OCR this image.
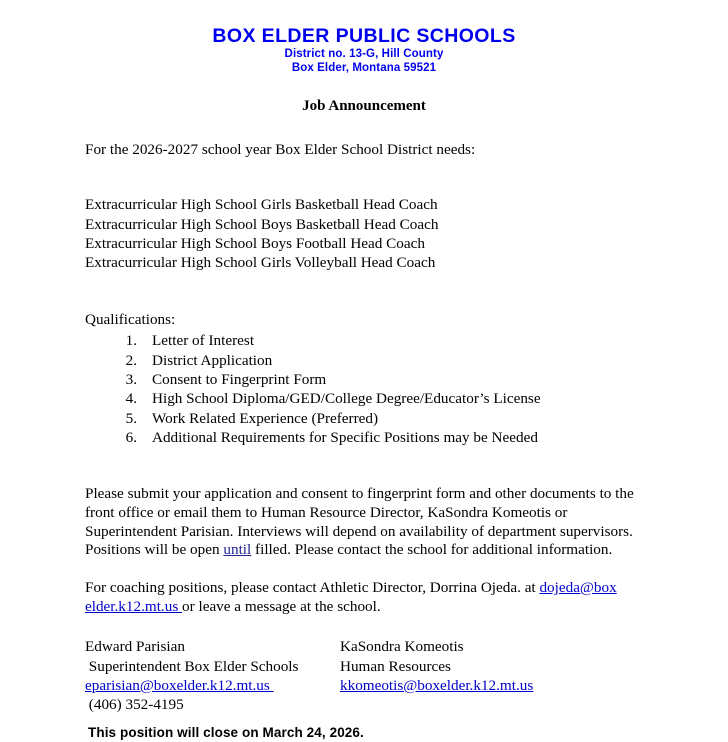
BOX ELDER PUBLIC SCHOOLS
District no. 13-G, Hill County
Box Elder, Montana 59521
Job Announcement
For the 2026-2027 school year Box Elder School District needs:
Extracurricular High School Girls Basketball Head Coach
Extracurricular High School Boys Basketball Head Coach
Extracurricular High School Boys Football Head Coach
Extracurricular High School Girls Volleyball Head Coach
Qualifications:
Letter of Interest
District Application
Consent to Fingerprint Form
High School Diploma/GED/College Degree/Educator’s License
Work Related Experience (Preferred)
Additional Requirements for Specific Positions may be Needed

Please submit your application and consent to fingerprint form and other documents to the front office or email them to Human Resource Director, KaSondra Komeotis or Superintendent Parisian. Interviews will depend on availability of department supervisors. Positions will be open until filled. Please contact the school for additional information.

For coaching positions, please contact Athletic Director, Dorrina Ojeda. at dojeda@box elder.k12.mt.us or leave a message at the school.

Edward Parisian
Superintendent Box Elder Schools
eparisian@boxelder.k12.mt.us
(406) 352-4195
KaSondra Komeotis
Human Resources
kkomeotis@boxelder.k12.mt.us
This position will close on March 24, 2026.
